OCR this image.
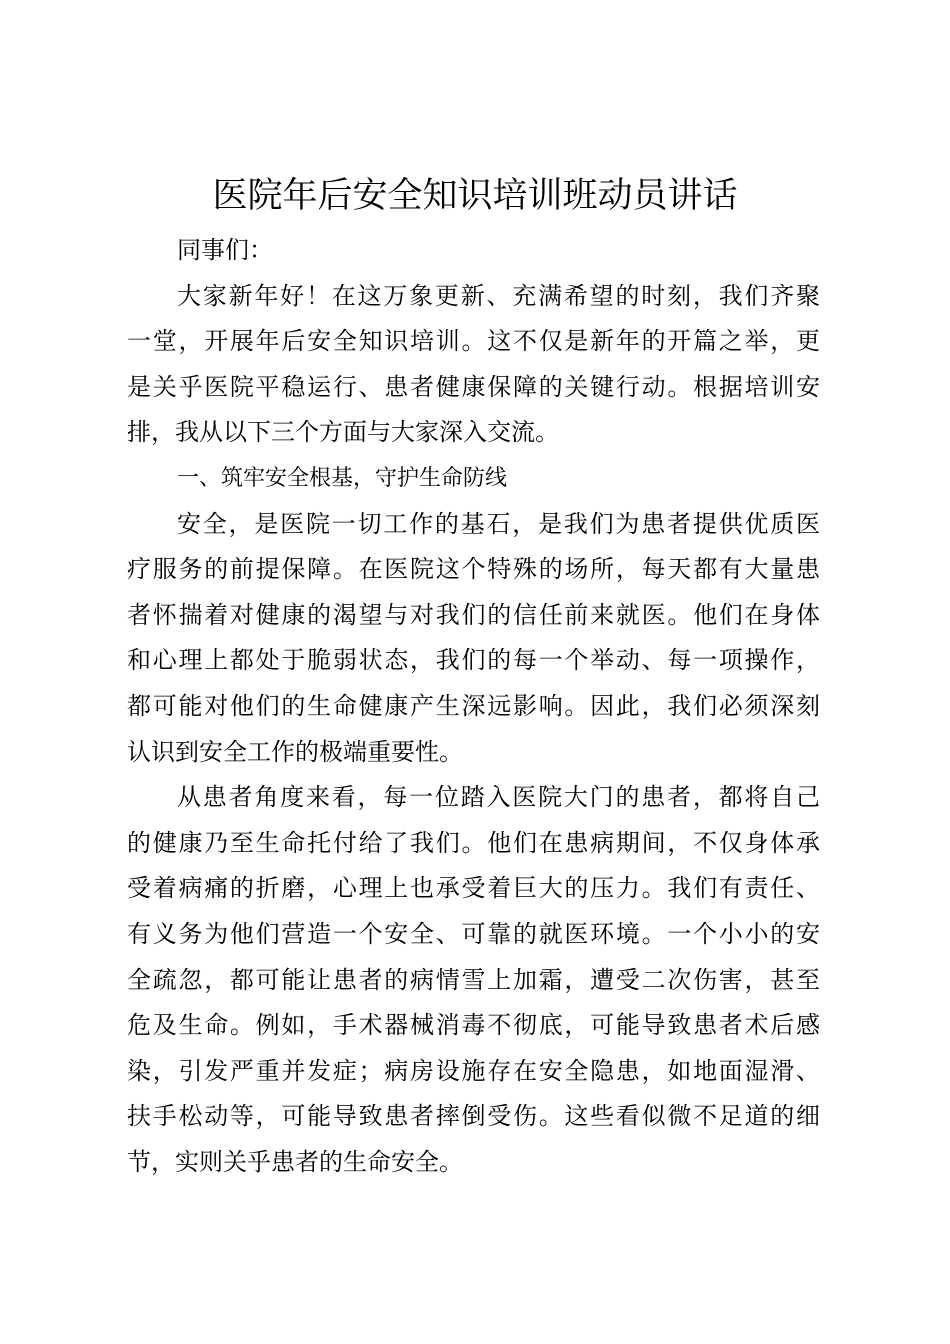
医院年后安全知识培训班动员讲话
同事们：
大家新年好！在这万象更新、充满希望的时刻，我们齐聚
一堂，开展年后安全知识培训。这不仅是新年的开篇之举，更
是关乎医院平稳运行、患者健康保障的关键行动。根据培训安
排，我从以下三个方面与大家深入交流。
一、筑牢安全根基，守护生命防线
安全，是医院一切工作的基石，是我们为患者提供优质医
疗服务的前提保障。在医院这个特殊的场所，每天都有大量患
者怀揣着对健康的渴望与对我们的信任前来就医。他们在身体
和心理上都处于脆弱状态，我们的每一个举动、每一项操作，
都可能对他们的生命健康产生深远影响。因此，我们必须深刻
认识到安全工作的极端重要性。
从患者角度来看，每一位踏入医院大门的患者，都将自己
的健康乃至生命托付给了我们。他们在患病期间，不仅身体承
受着病痛的折磨，心理上也承受着巨大的压力。我们有责任、
有义务为他们营造一个安全、可靠的就医环境。一个小小的安
全疏忽，都可能让患者的病情雪上加霜，遭受二次伤害，甚至
危及生命。例如，手术器械消毒不彻底，可能导致患者术后感
染，引发严重并发症；病房设施存在安全隐患，如地面湿滑、
扶手松动等，可能导致患者摔倒受伤。这些看似微不足道的细
节，实则关乎患者的生命安全。
